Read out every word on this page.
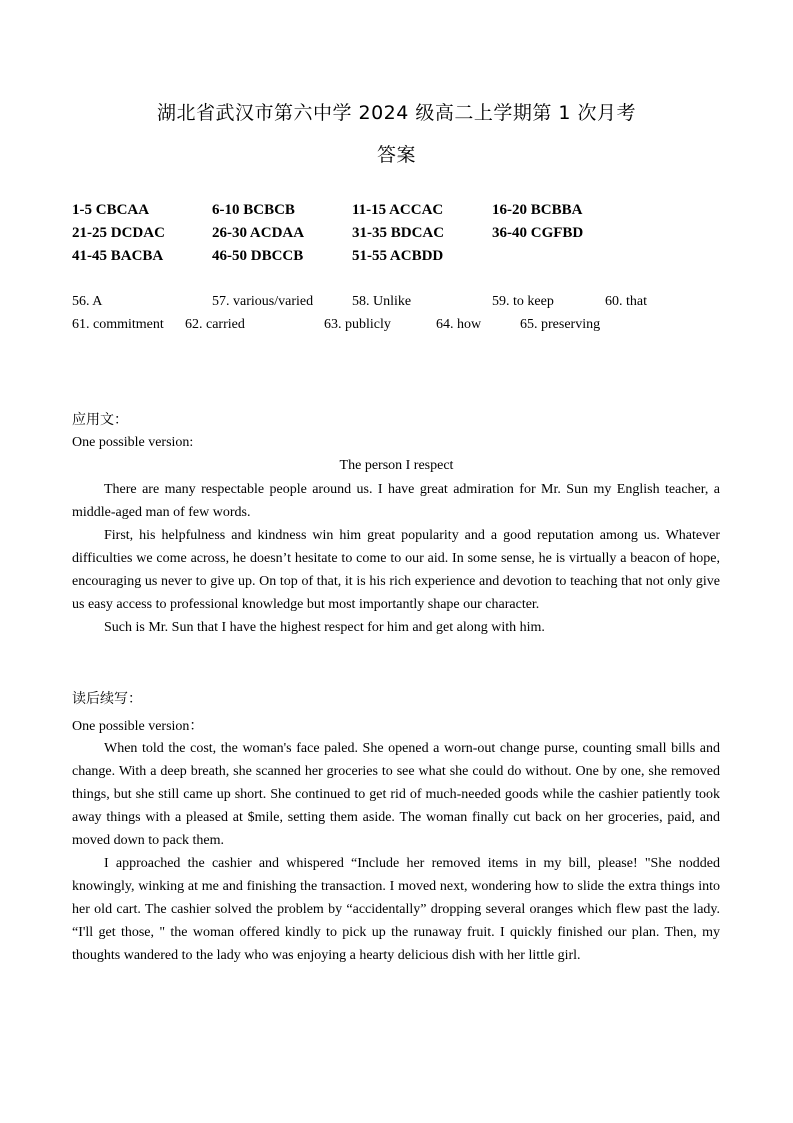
湖北省武汉市第六中学 2024 级高二上学期第 1 次月考
答案
1-5 CBCAA	6-10 BCBCB	11-15 ACCAC	16-20 BCBBA
21-25 DCDAC	26-30 ACDAA	31-35 BDCAC	36-40 CGFBD
41-45 BACBA	46-50 DBCCB	51-55 ACBDD
56. A	57. various/varied	58. Unlike	59. to keep	60. that
61. commitment 62. carried	63. publicly	64. how	65. preserving
应用文：
One possible version:
The person I respect

There are many respectable people around us. I have great admiration for Mr. Sun my English teacher, a middle-aged man of few words.

First, his helpfulness and kindness win him great popularity and a good reputation among us. Whatever difficulties we come across, he doesn’t hesitate to come to our aid. In some sense, he is virtually a beacon of hope, encouraging us never to give up. On top of that, it is his rich experience and devotion to teaching that not only give us easy access to professional knowledge but most importantly shape our character.

Such is Mr. Sun that I have the highest respect for him and get along with him.

读后续写：
One possible version：

When told the cost, the woman's face paled. She opened a worn-out change purse, counting small bills and change. With a deep breath, she scanned her groceries to see what she could do without. One by one, she removed things, but she still came up short. She continued to get rid of much-needed goods while the cashier patiently took away things with a pleased at $mile, setting them aside. The woman finally cut back on her groceries, paid, and moved down to pack them.

I approached the cashier and whispered “Include her removed items in my bill, please! "She nodded knowingly, winking at me and finishing the transaction. I moved next, wondering how to slide the extra things into her old cart. The cashier solved the problem by “accidentally” dropping several oranges which flew past the lady. “I'll get those, " the woman offered kindly to pick up the runaway fruit. I quickly finished our plan. Then, my thoughts wandered to the lady who was enjoying a hearty delicious dish with her little girl.
